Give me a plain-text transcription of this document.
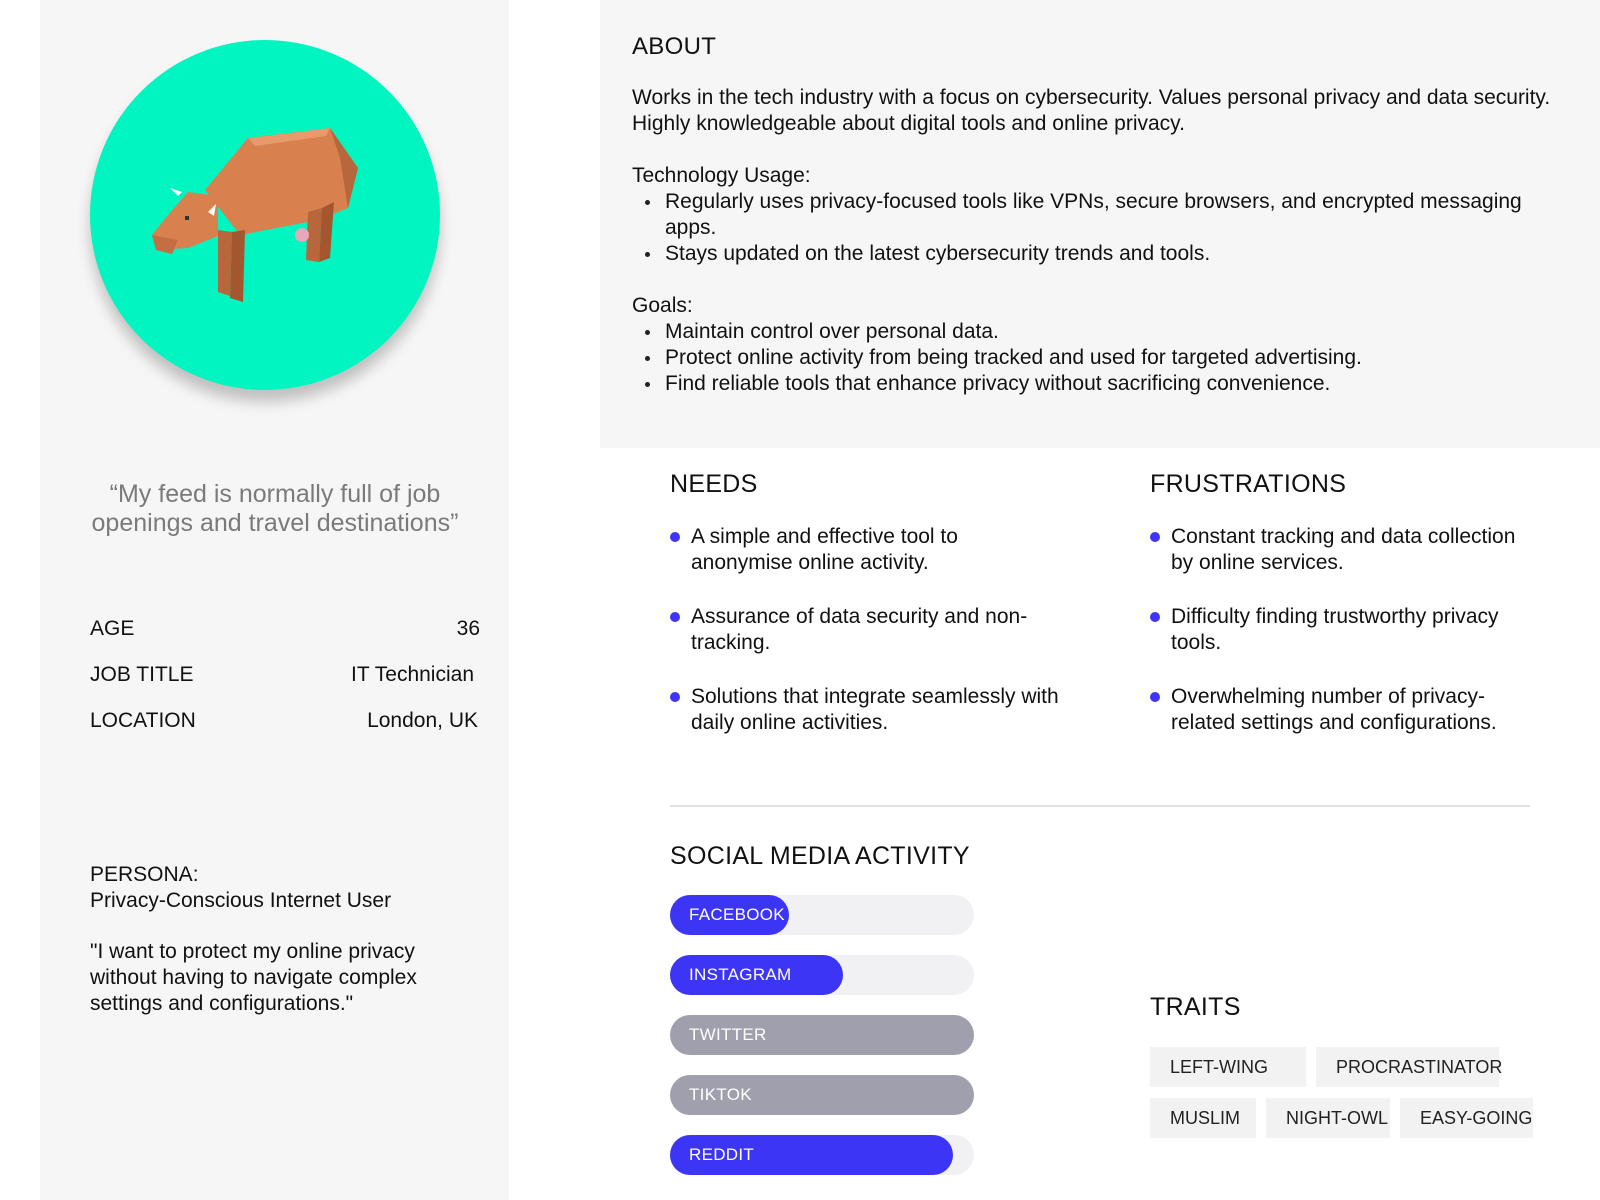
“My feed is normally full of job openings and travel destinations”
AGE	36
JOB TITLE	IT Technician
LOCATION	London, UK
PERSONA:
Privacy-Conscious Internet User
"I want to protect my online privacy without having to navigate complex settings and configurations."
ABOUT

Works in the tech industry with a focus on cybersecurity. Values personal privacy and data security. Highly knowledgeable about digital tools and online privacy.

Technology Usage:

Regularly uses privacy-focused tools like VPNs, secure browsers, and encrypted messaging apps.
Stays updated on the latest cybersecurity trends and tools.

Goals:

Maintain control over personal data.
Protect online activity from being tracked and used for targeted advertising.
Find reliable tools that enhance privacy without sacrificing convenience.
NEEDS
A simple and effective tool to anonymise online activity.
Assurance of data security and non-tracking.
Solutions that integrate seamlessly with daily online activities.
FRUSTRATIONS
Constant tracking and data collection by online services.
Difficulty finding trustworthy privacy tools.
Overwhelming number of privacy-related settings and configurations.
SOCIAL MEDIA ACTIVITY
FACEBOOK
INSTAGRAM
TWITTER
TIKTOK
REDDIT
TRAITS
LEFT-WING	PROCRASTINATOR
MUSLIM	NIGHT-OWL	EASY-GOING
